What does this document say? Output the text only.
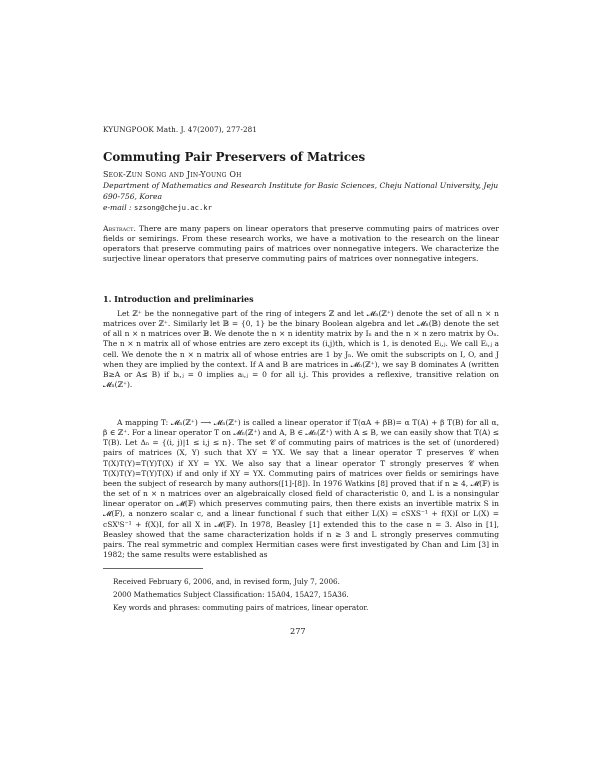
KYUNGPOOK Math. J. 47(2007), 277-281
Commuting Pair Preservers of Matrices
Seok-Zun Song and Jin-Young Oh
Department of Mathematics and Research Institute for Basic Sciences, Cheju National University, Jeju 690-756, Korea
e-mail : szsong@cheju.ac.kr
Abstract. There are many papers on linear operators that preserve commuting pairs of matrices over fields or semirings. From these research works, we have a motivation to the research on the linear operators that preserve commuting pairs of matrices over nonnegative integers. We characterize the surjective linear operators that preserve commuting pairs of matrices over nonnegative integers.
1. Introduction and preliminaries
Let ℤ⁺ be the nonnegative part of the ring of integers ℤ and let 𝓜ₙ(ℤ⁺) denote the set of all n × n matrices over ℤ⁺. Similarly let 𝔹 = {0, 1} be the binary Boolean algebra and let 𝓜ₙ(𝔹) denote the set of all n × n matrices over 𝔹. We denote the n × n identity matrix by Iₙ and the n × n zero matrix by Oₙ. The n × n matrix all of whose entries are zero except its (i,j)th, which is 1, is denoted Eᵢ,ⱼ. We call Eᵢ,ⱼ a cell. We denote the n × n matrix all of whose entries are 1 by Jₙ. We omit the subscripts on I, O, and J when they are implied by the context. If A and B are matrices in 𝓜ₙ(ℤ⁺), we say B dominates A (written B≥A or A≤ B) if bᵢ,ⱼ = 0 implies aᵢ,ⱼ = 0 for all i,j. This provides a reflexive, transitive relation on 𝓜ₙ(ℤ⁺).
A mapping T: 𝓜ₙ(ℤ⁺) ⟶ 𝓜ₙ(ℤ⁺) is called a linear operator if T(αA + βB)= α T(A) + β T(B) for all α, β ∈ ℤ⁺. For a linear operator T on 𝓜ₙ(ℤ⁺) and A, B ∈ 𝓜ₙ(ℤ⁺) with A ≤ B, we can easily show that T(A) ≤ T(B). Let Δₙ = {(i, j)|1 ≤ i,j ≤ n}. The set 𝒞 of commuting pairs of matrices is the set of (unordered) pairs of matrices (X, Y) such that XY = YX. We say that a linear operator T preserves 𝒞 when T(X)T(Y)=T(Y)T(X) if XY = YX. We also say that a linear operator T strongly preserves 𝒞 when T(X)T(Y)=T(Y)T(X) if and only if XY = YX. Commuting pairs of matrices over fields or semirings have been the subject of research by many authors([1]-[8]). In 1976 Watkins [8] proved that if n ≥ 4, 𝓜(𝔽) is the set of n × n matrices over an algebraically closed field of characteristic 0, and L is a nonsingular linear operator on 𝓜(𝔽) which preserves commuting pairs, then there exists an invertible matrix S in 𝓜(𝔽), a nonzero scalar c, and a linear functional f such that either L(X) = cSXS⁻¹ + f(X)I or L(X) = cSXᵗS⁻¹ + f(X)I, for all X in 𝓜(𝔽). In 1978, Beasley [1] extended this to the case n = 3. Also in [1], Beasley showed that the same characterization holds if n ≥ 3 and L strongly preserves commuting pairs. The real symmetric and complex Hermitian cases were first investigated by Chan and Lim [3] in 1982; the same results were established as
Received February 6, 2006, and, in revised form, July 7, 2006.
2000 Mathematics Subject Classification: 15A04, 15A27, 15A36.
Key words and phrases: commuting pairs of matrices, linear operator.
277
